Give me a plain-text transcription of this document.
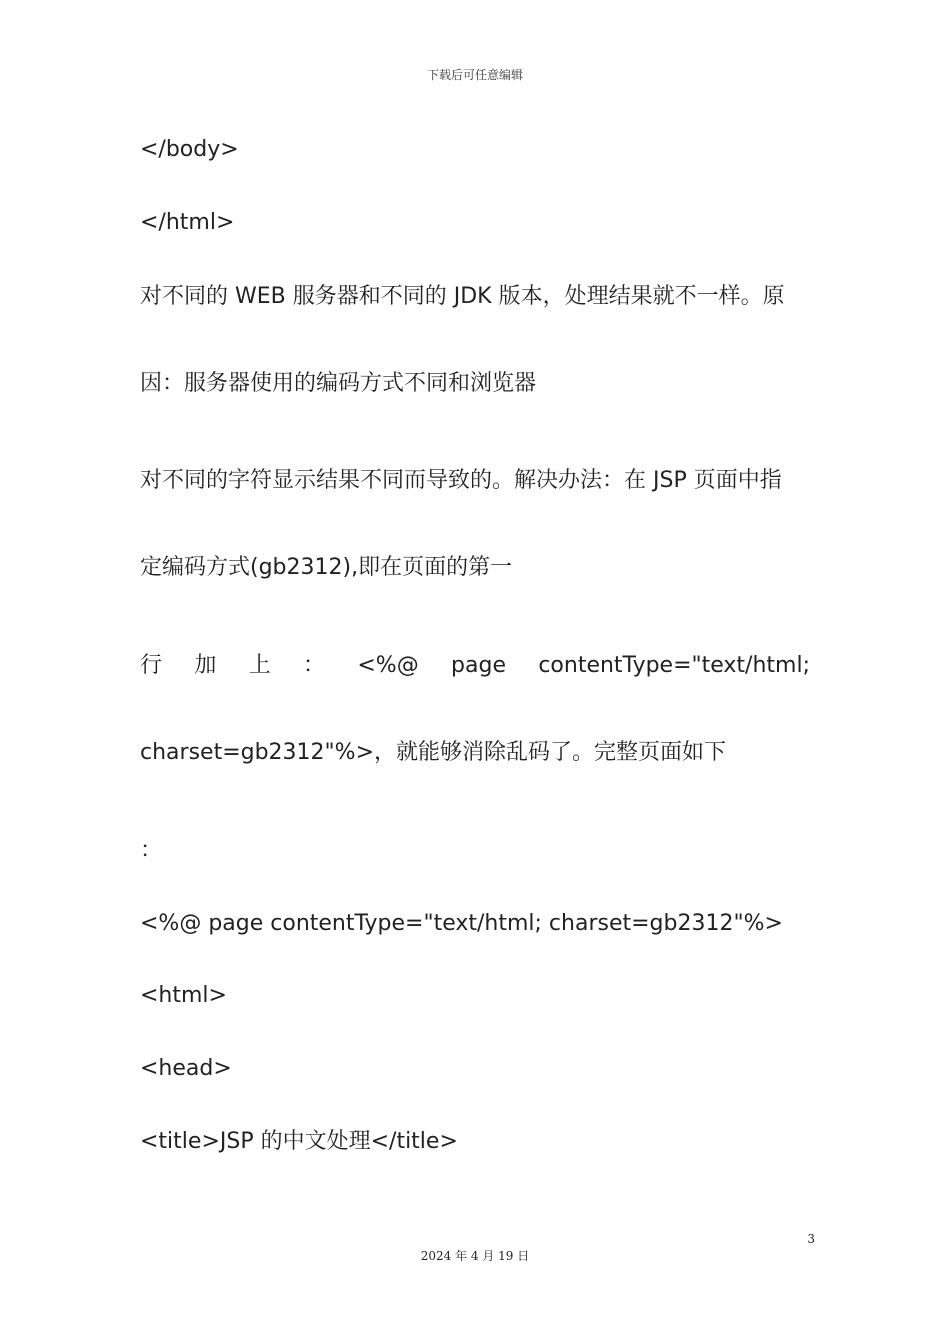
下载后可任意编辑
</body>
</html>
对不同的 WEB 服务器和不同的 JDK 版本，处理结果就不一样。原
因：服务器使用的编码方式不同和浏览器
对不同的字符显示结果不同而导致的。解决办法：在 JSP 页面中指
定编码方式(gb2312),即在页面的第一
行 加 上 ： <%@ page contentType="text/html;
charset=gb2312"%>，就能够消除乱码了。完整页面如下
：
<%@ page contentType="text/html; charset=gb2312"%>
<html>
<head>
<title>JSP 的中文处理</title>
3
2024 年 4 月 19 日
